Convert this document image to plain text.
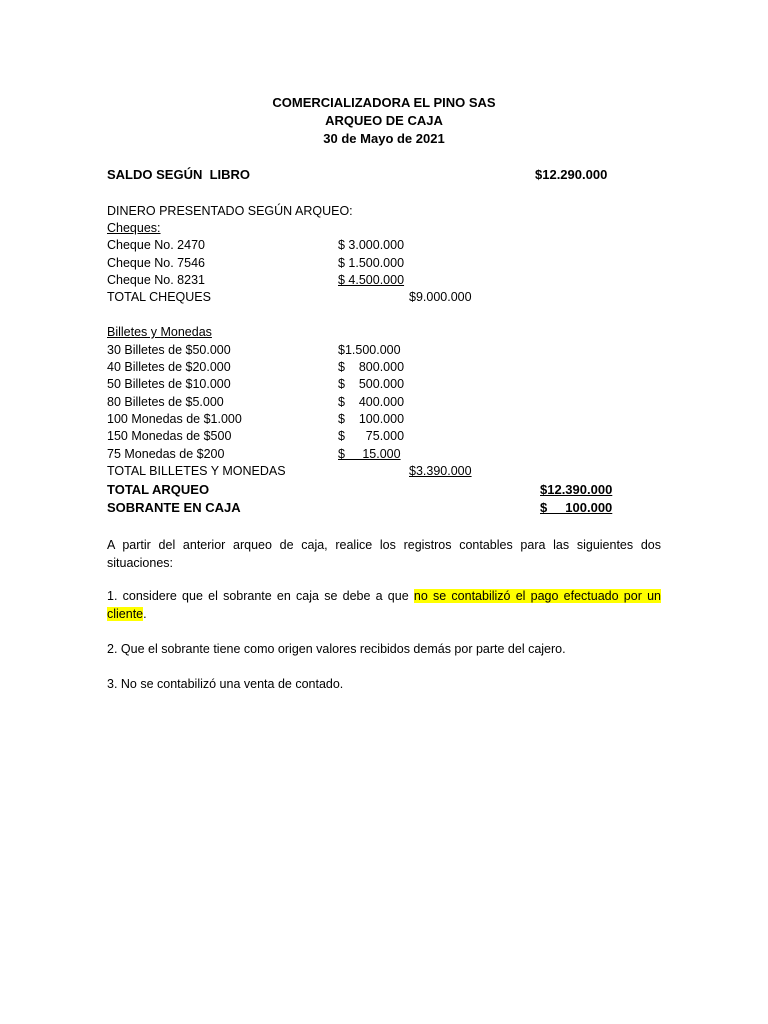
COMERCIALIZADORA EL PINO SAS
ARQUEO DE CAJA
30 de Mayo de 2021
SALDO SEGÚN  LIBRO	$12.290.000
DINERO PRESENTADO SEGÚN ARQUEO:
Cheques:
Cheque No. 2470	$ 3.000.000
Cheque No. 7546	$ 1.500.000
Cheque No. 8231	$ 4.500.000
TOTAL CHEQUES	$9.000.000
Billetes y Monedas
30 Billetes de $50.000	$1.500.000
40 Billetes de $20.000	$    800.000
50 Billetes de $10.000	$    500.000
80 Billetes de $5.000	$    400.000
100 Monedas de $1.000	$    100.000
150 Monedas de $500	$      75.000
75 Monedas de $200	$     15.000
TOTAL BILLETES Y MONEDAS	$3.390.000
TOTAL ARQUEO	$12.390.000
SOBRANTE EN CAJA	$     100.000
A partir del anterior arqueo de caja, realice los registros contables para las siguientes dos situaciones:
1. considere que el sobrante en caja se debe a que no se contabilizó el pago efectuado por un cliente.
2. Que el sobrante tiene como origen valores recibidos demás por parte del cajero.
3. No se contabilizó una venta de contado.
